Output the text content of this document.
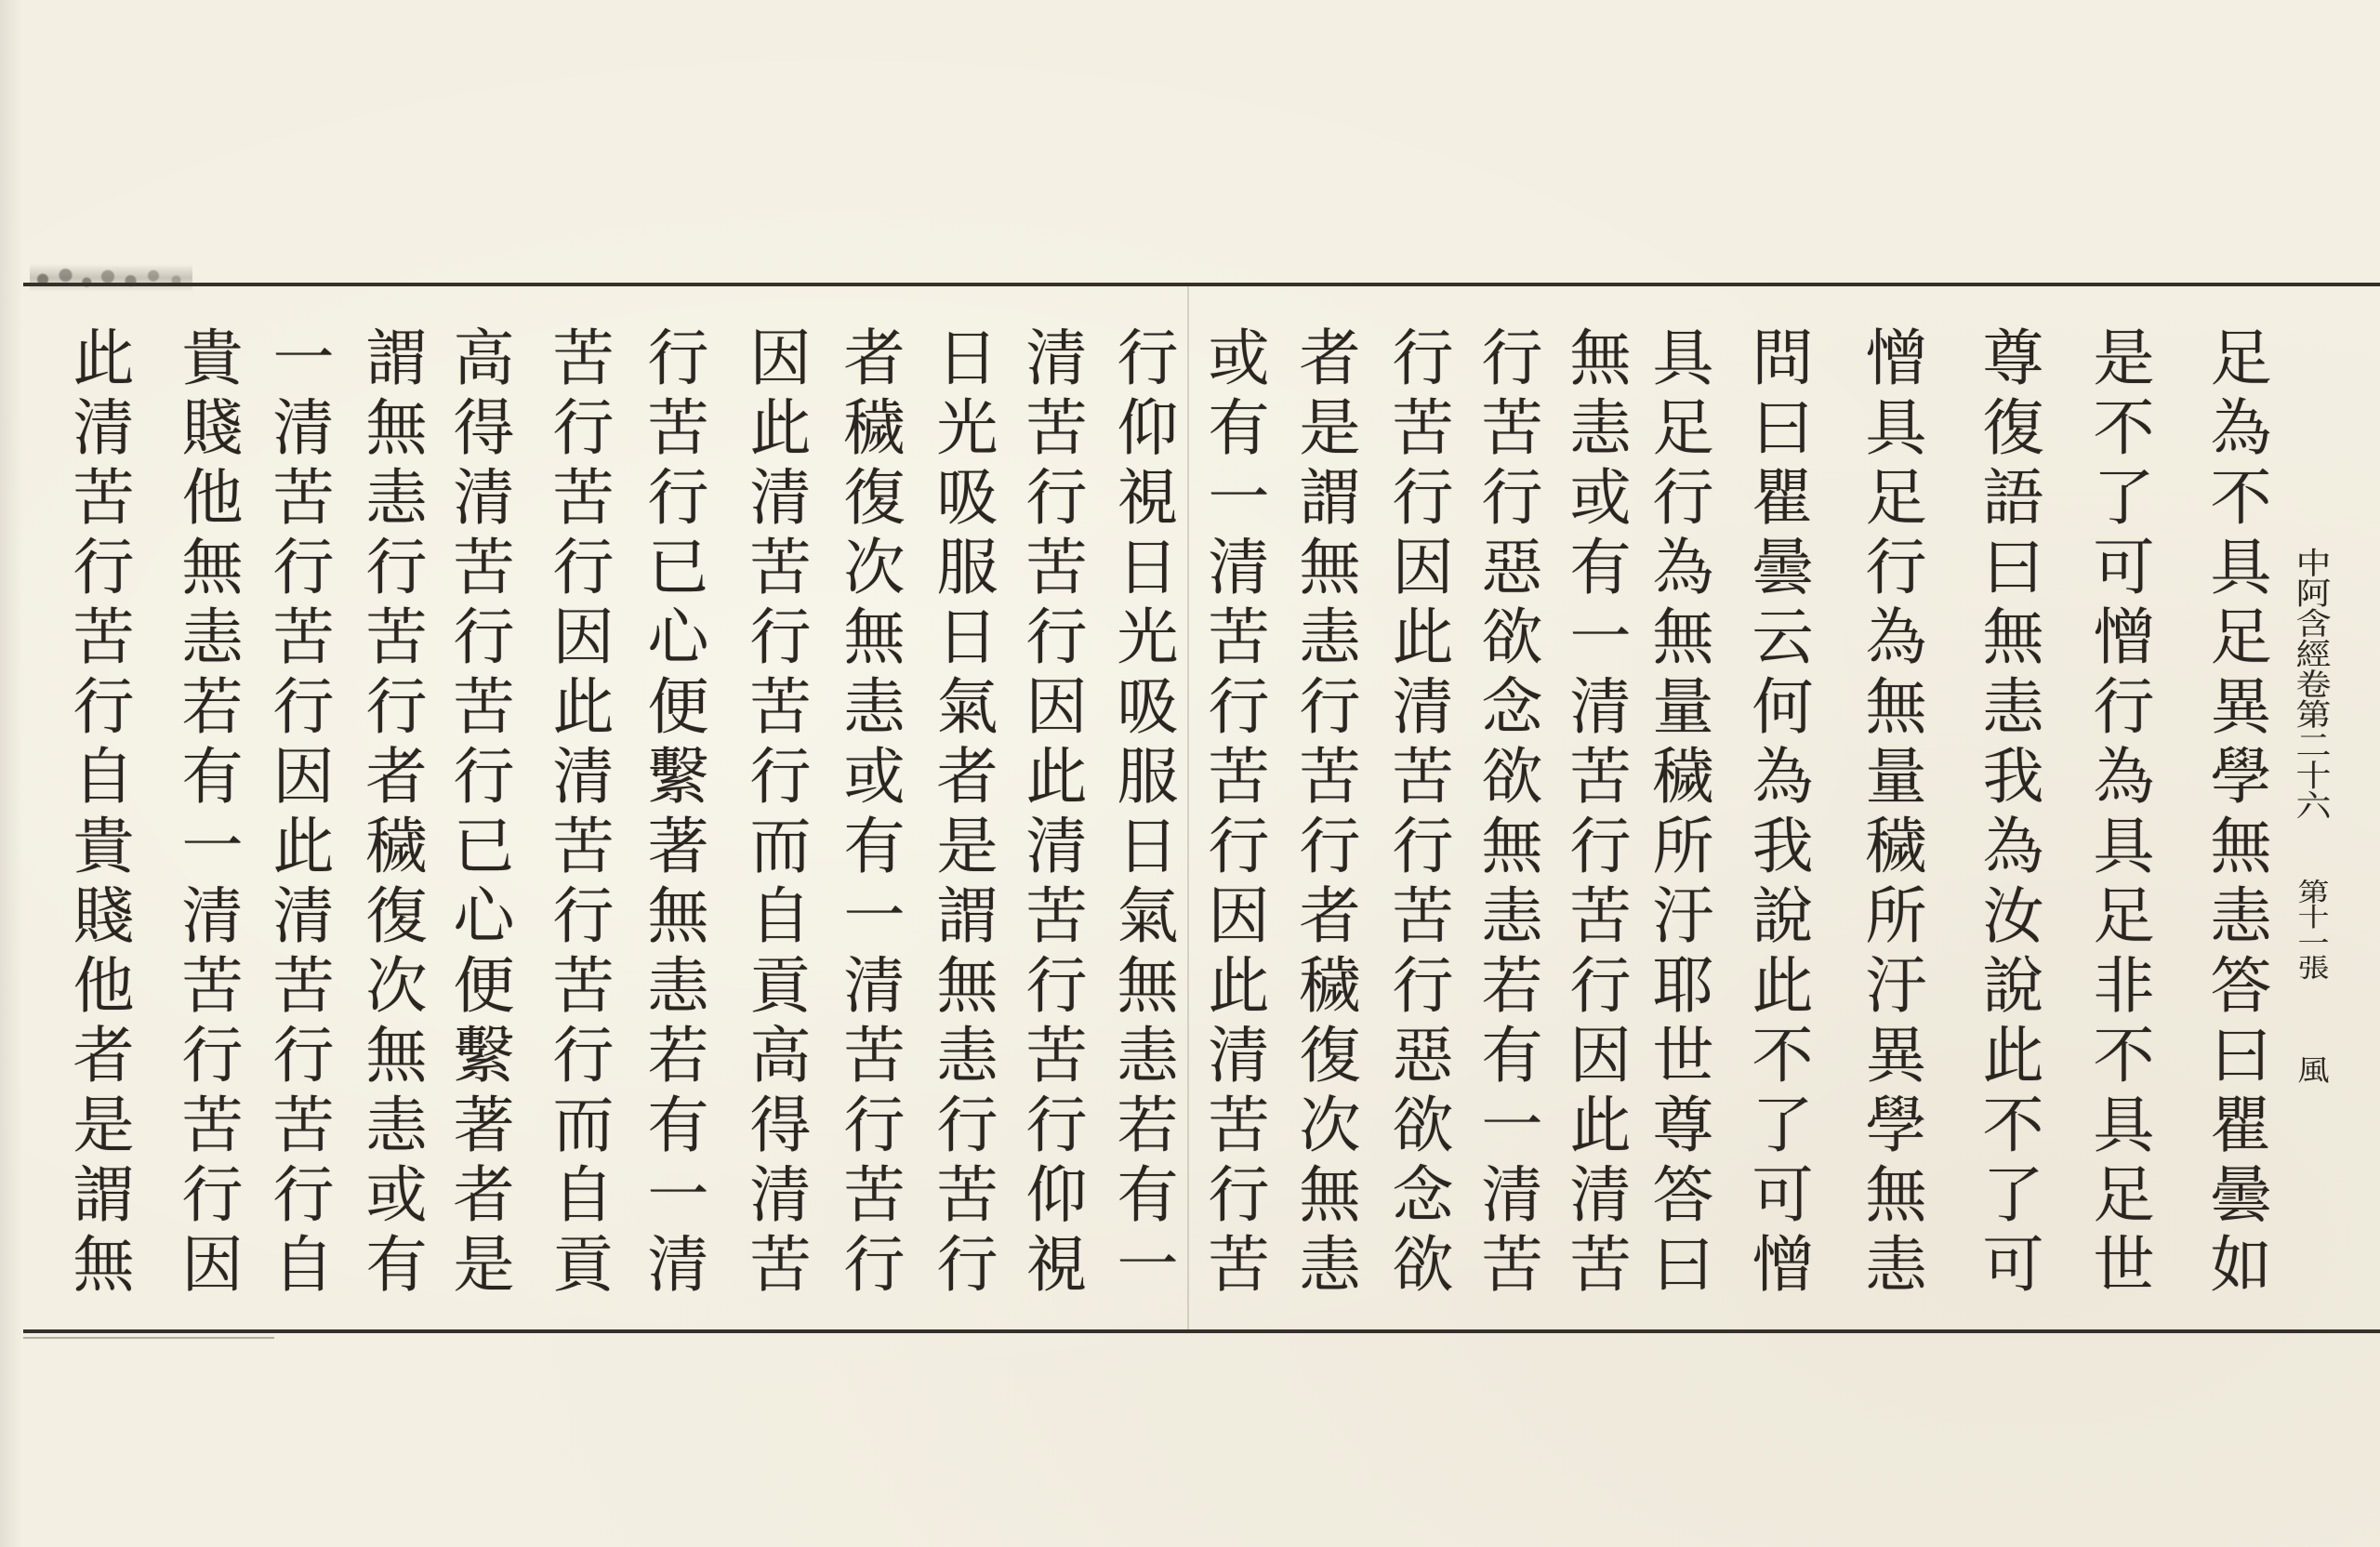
中阿含經卷第二十六
第十一張
風
足為不具足異學無恚答曰瞿曇如
是不了可憎行為具足非不具足世
尊復語曰無恚我為汝說此不了可
憎具足行為無量穢所汙異學無恚
問曰瞿曇云何為我說此不了可憎
具足行為無量穢所汙耶世尊答曰
無恚或有一清苦行苦行因此清苦
行苦行惡欲念欲無恚若有一清苦
行苦行因此清苦行苦行惡欲念欲
者是謂無恚行苦行者穢復次無恚
或有一清苦行苦行因此清苦行苦
行仰視日光吸服日氣無恚若有一
清苦行苦行因此清苦行苦行仰視
日光吸服日氣者是謂無恚行苦行
者穢復次無恚或有一清苦行苦行
因此清苦行苦行而自貢高得清苦
行苦行已心便繫著無恚若有一清
苦行苦行因此清苦行苦行而自貢
高得清苦行苦行已心便繫著者是
謂無恚行苦行者穢復次無恚或有
一清苦行苦行因此清苦行苦行自
貴賤他無恚若有一清苦行苦行因
此清苦行苦行自貴賤他者是謂無
